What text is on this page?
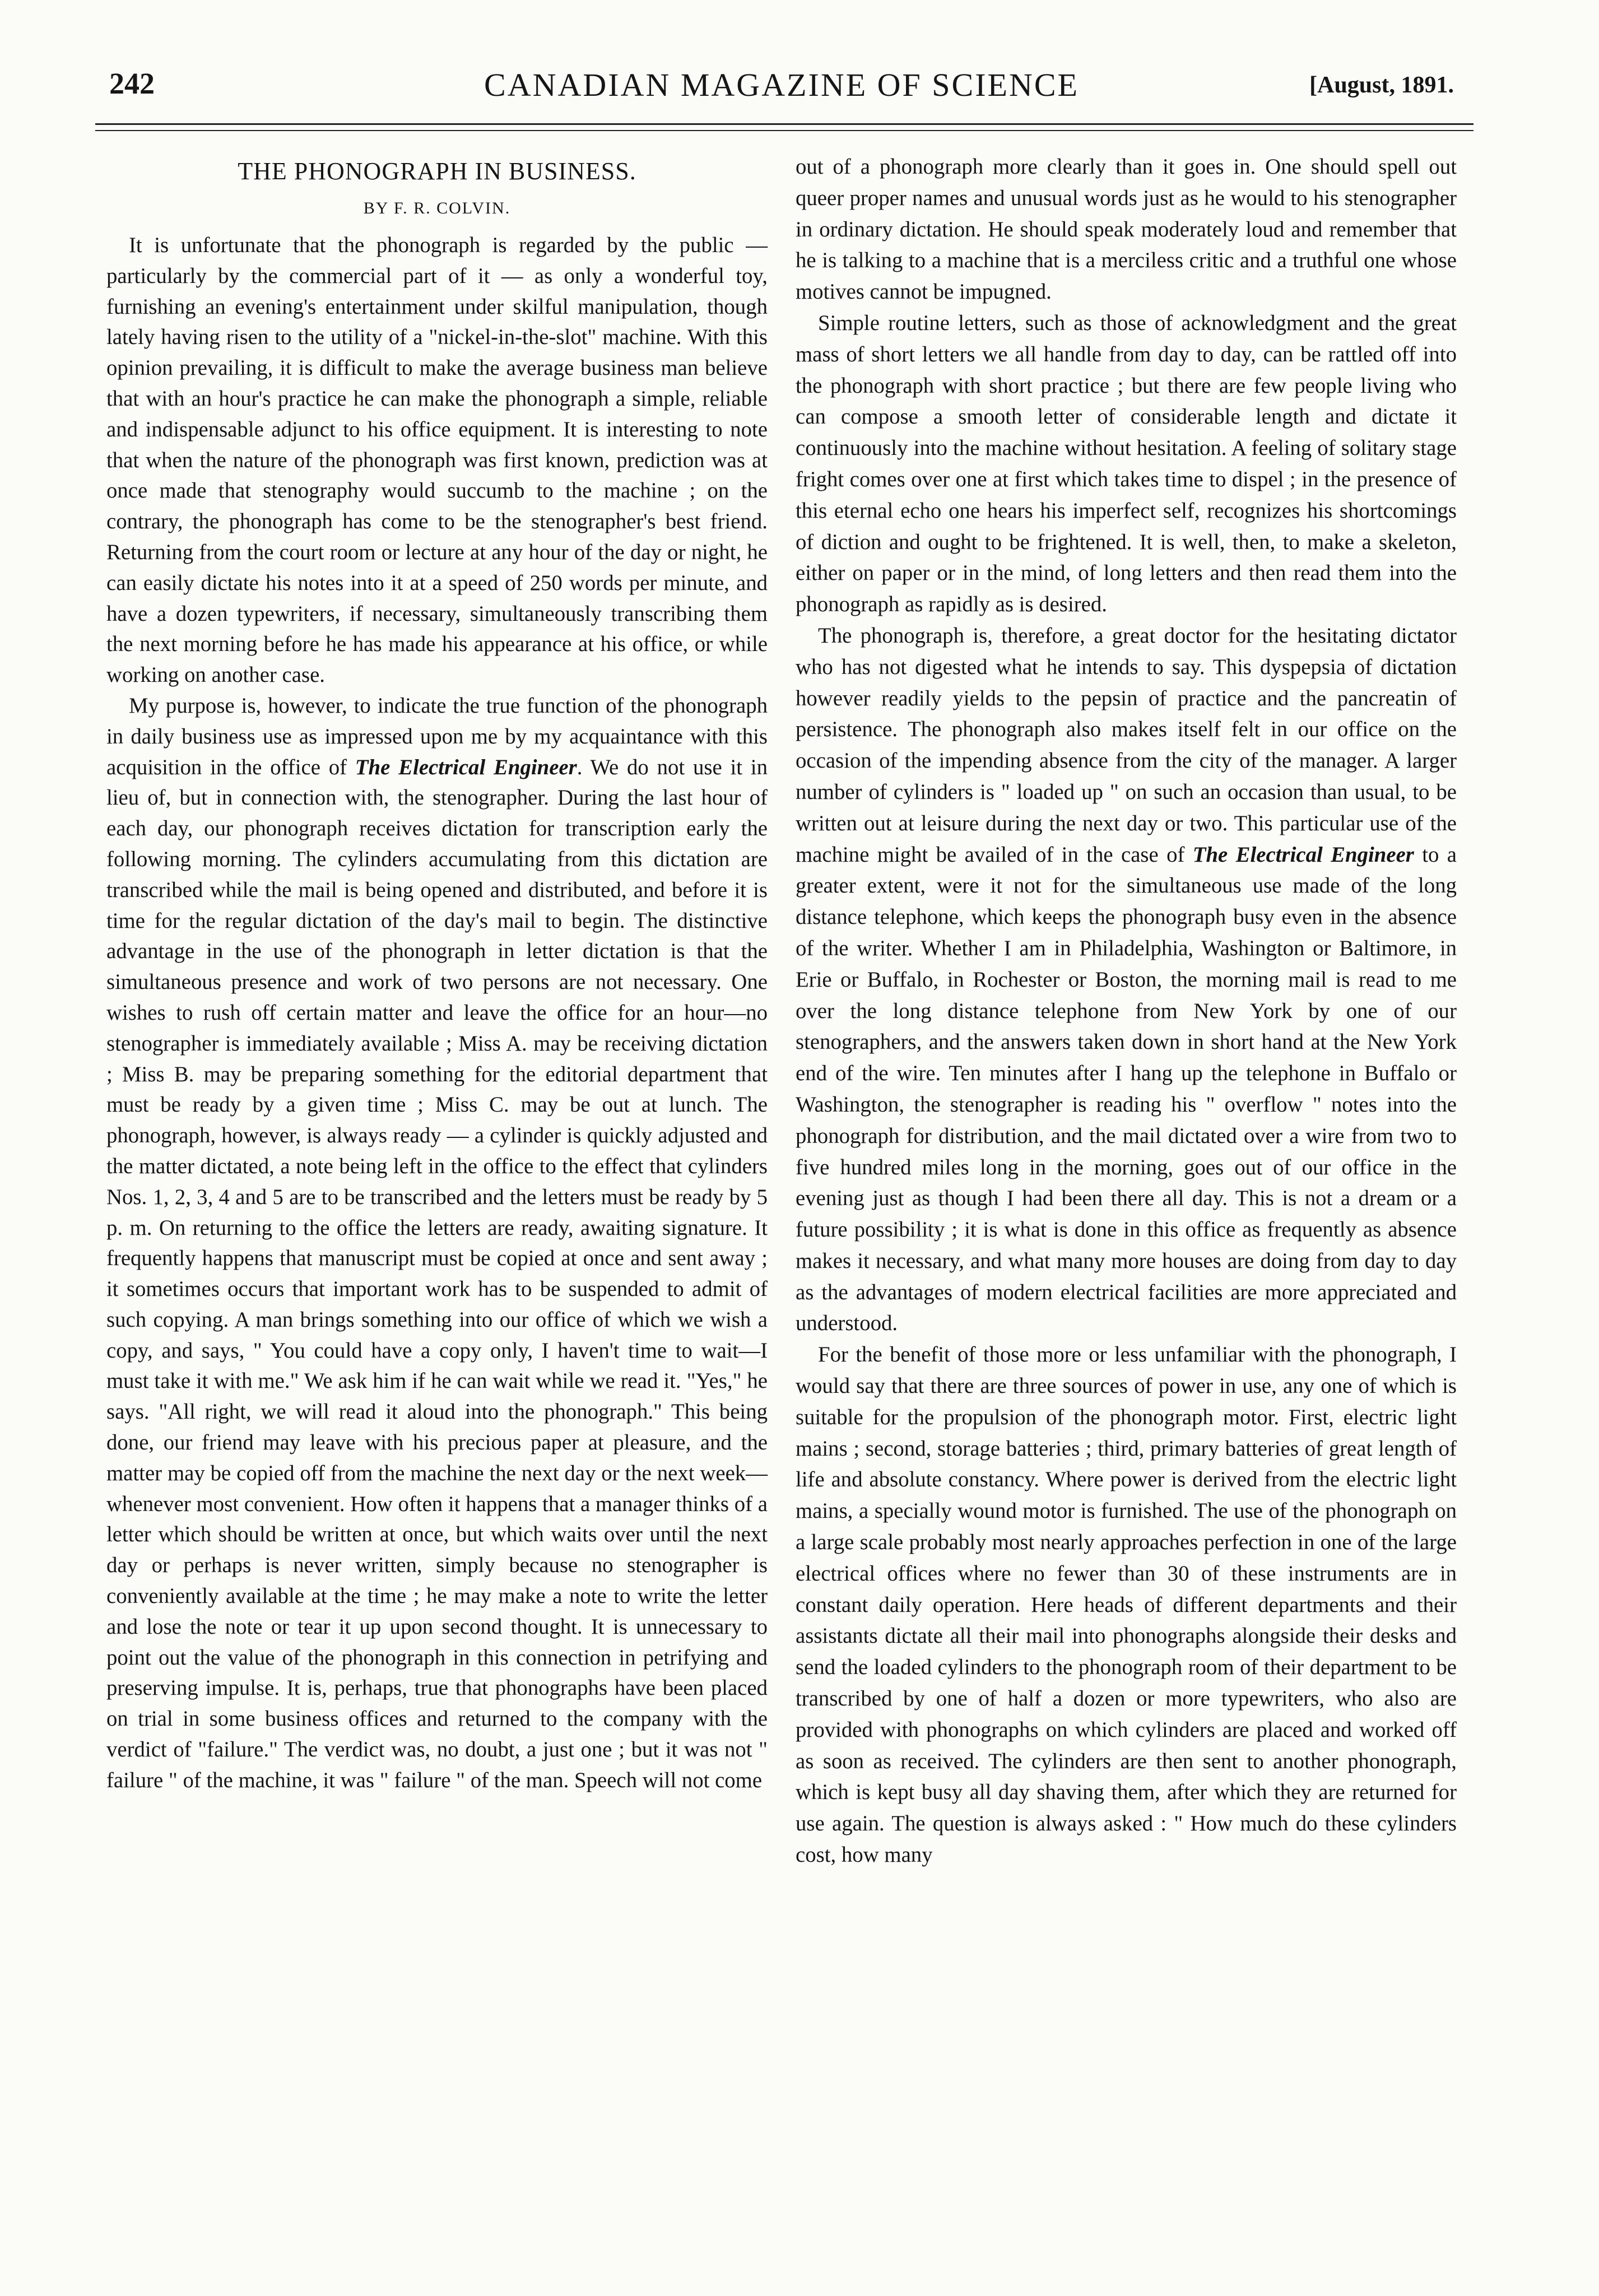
242	CANADIAN MAGAZINE OF SCIENCE	[August, 1891.
THE PHONOGRAPH IN BUSINESS.
BY F. R. COLVIN.

It is unfortunate that the phonograph is regarded by the public — particularly by the commercial part of it — as only a wonderful toy, furnishing an evening's entertainment under skilful manipulation, though lately having risen to the utility of a "nickel-in-the-slot" machine. With this opinion prevailing, it is difficult to make the average business man believe that with an hour's practice he can make the phonograph a simple, reliable and indispensable adjunct to his office equipment. It is interesting to note that when the nature of the phonograph was first known, prediction was at once made that stenography would succumb to the machine ; on the contrary, the phonograph has come to be the stenographer's best friend. Returning from the court room or lecture at any hour of the day or night, he can easily dictate his notes into it at a speed of 250 words per minute, and have a dozen typewriters, if necessary, simultaneously transcribing them the next morning before he has made his appearance at his office, or while working on another case.

My purpose is, however, to indicate the true function of the phonograph in daily business use as impressed upon me by my acquaintance with this acquisition in the office of The Electrical Engineer. We do not use it in lieu of, but in connection with, the stenographer. During the last hour of each day, our phonograph receives dictation for transcription early the following morning. The cylinders accumulating from this dictation are transcribed while the mail is being opened and distributed, and before it is time for the regular dictation of the day's mail to begin. The distinctive advantage in the use of the phonograph in letter dictation is that the simultaneous presence and work of two persons are not necessary. One wishes to rush off certain matter and leave the office for an hour—no stenographer is immediately available ; Miss A. may be receiving dictation ; Miss B. may be preparing something for the editorial department that must be ready by a given time ; Miss C. may be out at lunch. The phonograph, however, is always ready — a cylinder is quickly adjusted and the matter dictated, a note being left in the office to the effect that cylinders Nos. 1, 2, 3, 4 and 5 are to be transcribed and the letters must be ready by 5 p. m. On returning to the office the letters are ready, awaiting signature. It frequently happens that manuscript must be copied at once and sent away ; it sometimes occurs that important work has to be suspended to admit of such copying. A man brings something into our office of which we wish a copy, and says, " You could have a copy only, I haven't time to wait—I must take it with me." We ask him if he can wait while we read it. "Yes," he says. "All right, we will read it aloud into the phonograph." This being done, our friend may leave with his precious paper at pleasure, and the matter may be copied off from the machine the next day or the next week—whenever most convenient. How often it happens that a manager thinks of a letter which should be written at once, but which waits over until the next day or perhaps is never written, simply because no stenographer is conveniently available at the time ; he may make a note to write the letter and lose the note or tear it up upon second thought. It is unnecessary to point out the value of the phonograph in this connection in petrifying and preserving impulse. It is, perhaps, true that phonographs have been placed on trial in some business offices and returned to the company with the verdict of "failure." The verdict was, no doubt, a just one ; but it was not " failure " of the machine, it was " failure " of the man. Speech will not come

out of a phonograph more clearly than it goes in. One should spell out queer proper names and unusual words just as he would to his stenographer in ordinary dictation. He should speak moderately loud and remember that he is talking to a machine that is a merciless critic and a truthful one whose motives cannot be impugned.

Simple routine letters, such as those of acknowledgment and the great mass of short letters we all handle from day to day, can be rattled off into the phonograph with short practice ; but there are few people living who can compose a smooth letter of considerable length and dictate it continuously into the machine without hesitation. A feeling of solitary stage fright comes over one at first which takes time to dispel ; in the presence of this eternal echo one hears his imperfect self, recognizes his shortcomings of diction and ought to be frightened. It is well, then, to make a skeleton, either on paper or in the mind, of long letters and then read them into the phonograph as rapidly as is desired.

The phonograph is, therefore, a great doctor for the hesitating dictator who has not digested what he intends to say. This dyspepsia of dictation however readily yields to the pepsin of practice and the pancreatin of persistence. The phonograph also makes itself felt in our office on the occasion of the impending absence from the city of the manager. A larger number of cylinders is " loaded up " on such an occasion than usual, to be written out at leisure during the next day or two. This particular use of the machine might be availed of in the case of The Electrical Engineer to a greater extent, were it not for the simultaneous use made of the long distance telephone, which keeps the phonograph busy even in the absence of the writer. Whether I am in Philadelphia, Washington or Baltimore, in Erie or Buffalo, in Rochester or Boston, the morning mail is read to me over the long distance telephone from New York by one of our stenographers, and the answers taken down in short hand at the New York end of the wire. Ten minutes after I hang up the telephone in Buffalo or Washington, the stenographer is reading his " overflow " notes into the phonograph for distribution, and the mail dictated over a wire from two to five hundred miles long in the morning, goes out of our office in the evening just as though I had been there all day. This is not a dream or a future possibility ; it is what is done in this office as frequently as absence makes it necessary, and what many more houses are doing from day to day as the advantages of modern electrical facilities are more appreciated and understood.

For the benefit of those more or less unfamiliar with the phonograph, I would say that there are three sources of power in use, any one of which is suitable for the propulsion of the phonograph motor. First, electric light mains ; second, storage batteries ; third, primary batteries of great length of life and absolute constancy. Where power is derived from the electric light mains, a specially wound motor is furnished. The use of the phonograph on a large scale probably most nearly approaches perfection in one of the large electrical offices where no fewer than 30 of these instruments are in constant daily operation. Here heads of different departments and their assistants dictate all their mail into phonographs alongside their desks and send the loaded cylinders to the phonograph room of their department to be transcribed by one of half a dozen or more typewriters, who also are provided with phonographs on which cylinders are placed and worked off as soon as received. The cylinders are then sent to another phonograph, which is kept busy all day shaving them, after which they are returned for use again. The question is always asked : " How much do these cylinders cost, how many
